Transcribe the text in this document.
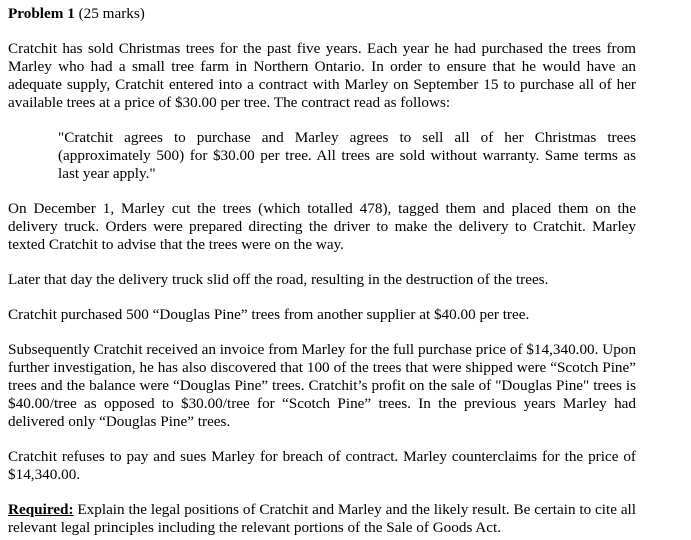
Problem 1 (25 marks)

Cratchit has sold Christmas trees for the past five years. Each year he had purchased the trees from Marley who had a small tree farm in Northern Ontario. In order to ensure that he would have an adequate supply, Cratchit entered into a contract with Marley on September 15 to purchase all of her available trees at a price of $30.00 per tree. The contract read as follows:

"Cratchit agrees to purchase and Marley agrees to sell all of her Christmas trees (approximately 500) for $30.00 per tree. All trees are sold without warranty. Same terms as last year apply."

On December 1, Marley cut the trees (which totalled 478), tagged them and placed them on the delivery truck. Orders were prepared directing the driver to make the delivery to Cratchit. Marley texted Cratchit to advise that the trees were on the way.

Later that day the delivery truck slid off the road, resulting in the destruction of the trees.

Cratchit purchased 500 “Douglas Pine” trees from another supplier at $40.00 per tree.

Subsequently Cratchit received an invoice from Marley for the full purchase price of $14,340.00. Upon further investigation, he has also discovered that 100 of the trees that were shipped were “Scotch Pine” trees and the balance were “Douglas Pine” trees. Cratchit’s profit on the sale of "Douglas Pine" trees is $40.00/tree as opposed to $30.00/tree for “Scotch Pine” trees. In the previous years Marley had delivered only “Douglas Pine” trees.

Cratchit refuses to pay and sues Marley for breach of contract. Marley counterclaims for the price of $14,340.00.

Required: Explain the legal positions of Cratchit and Marley and the likely result. Be certain to cite all relevant legal principles including the relevant portions of the Sale of Goods Act.
